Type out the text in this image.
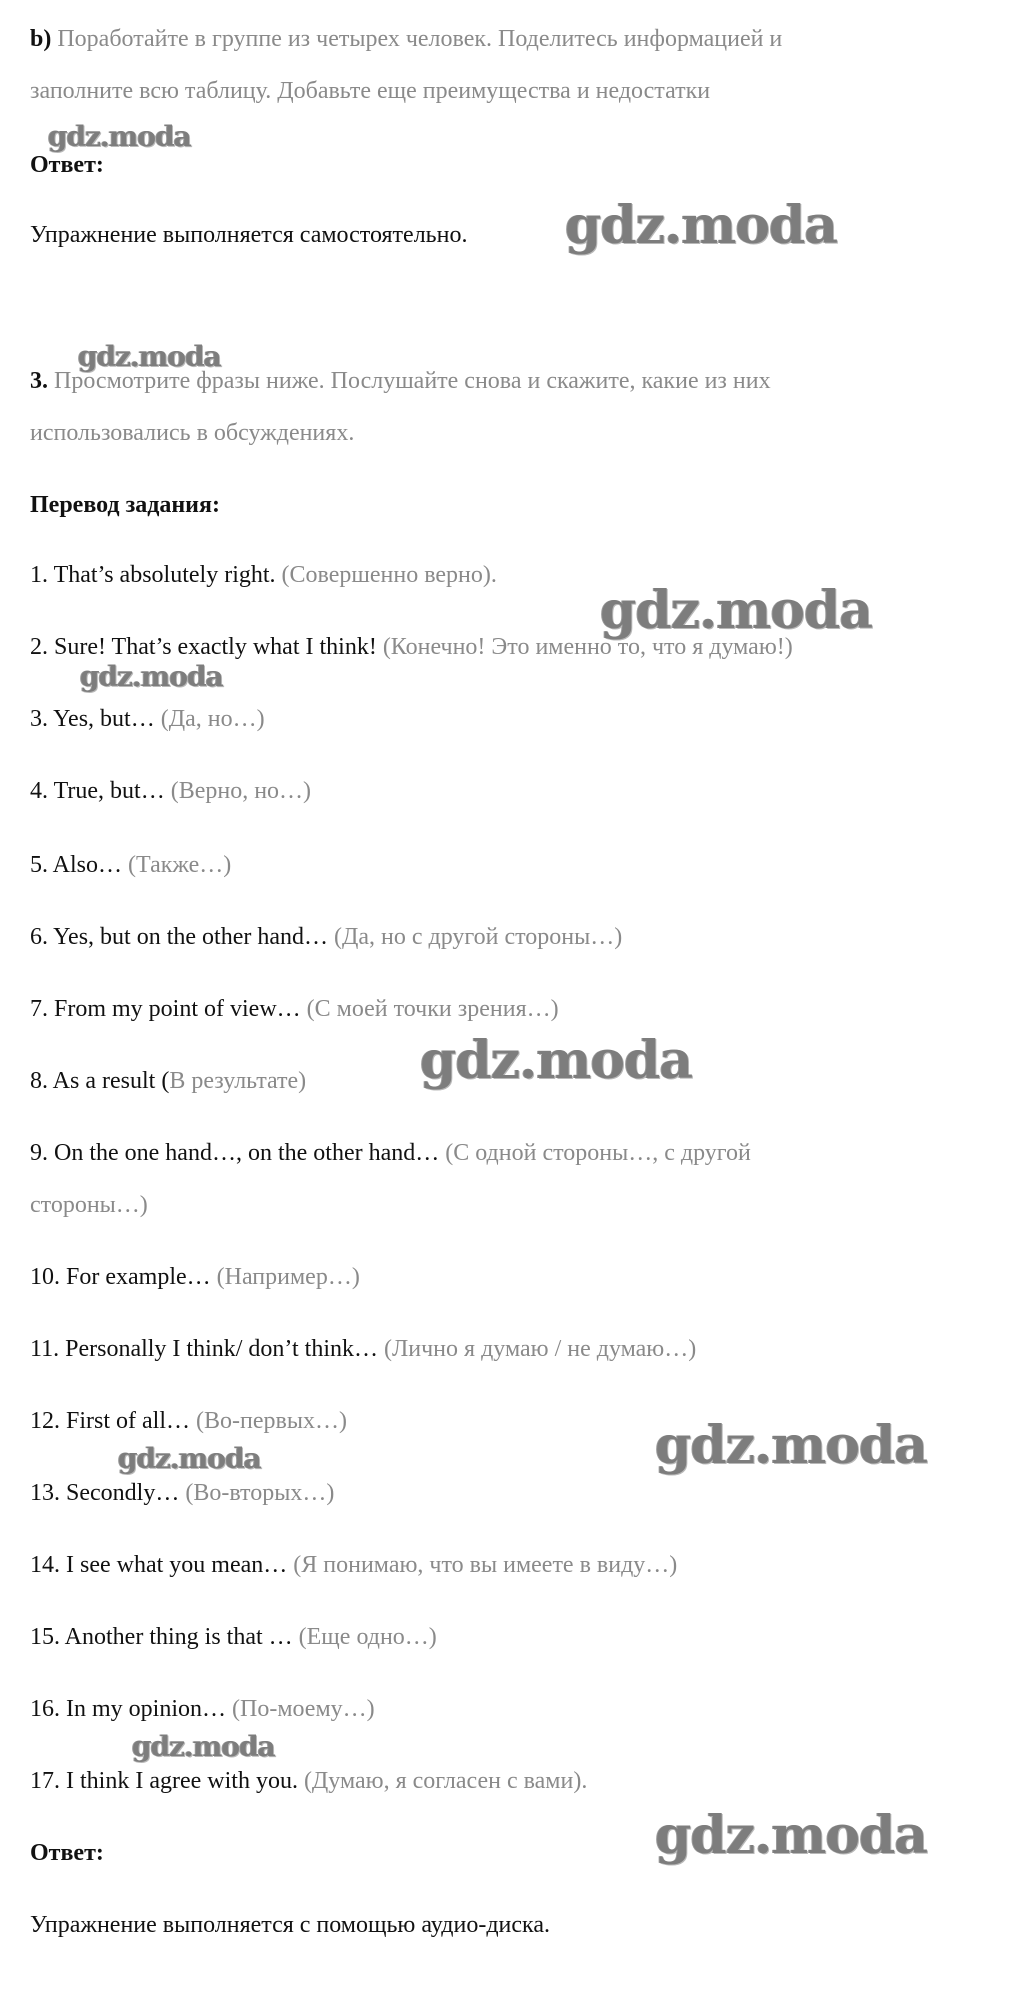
b) Поработайте в группе из четырех человек. Поделитесь информацией и
заполните всю таблицу. Добавьте еще преимущества и недостатки
Ответ:
Упражнение выполняется самостоятельно.
3. Просмотрите фразы ниже. Послушайте снова и скажите, какие из них
использовались в обсуждениях.
Перевод задания:
1. That’s absolutely right. (Совершенно верно).
2. Sure! That’s exactly what I think! (Конечно! Это именно то, что я думаю!)
3. Yes, but… (Да, но…)
4. True, but… (Верно, но…)
5. Also… (Также…)
6. Yes, but on the other hand… (Да, но с другой стороны…)
7. From my point of view… (С моей точки зрения…)
8. As a result (В результате)
9. On the one hand…, on the other hand… (С одной стороны…, с другой
стороны…)
10. For example… (Например…)
11. Personally I think/ don’t think… (Лично я думаю / не думаю…)
12. First of all… (Во-первых…)
13. Secondly… (Во-вторых…)
14. I see what you mean… (Я понимаю, что вы имеете в виду…)
15. Another thing is that … (Еще одно…)
16. In my opinion… (По-моему…)
17. I think I agree with you. (Думаю, я согласен с вами).
Ответ:
Упражнение выполняется с помощью аудио-диска.
gdz.moda
gdz.moda
gdz.moda
gdz.moda
gdz.moda
gdz.moda
gdz.moda
gdz.moda
gdz.moda
gdz.moda
